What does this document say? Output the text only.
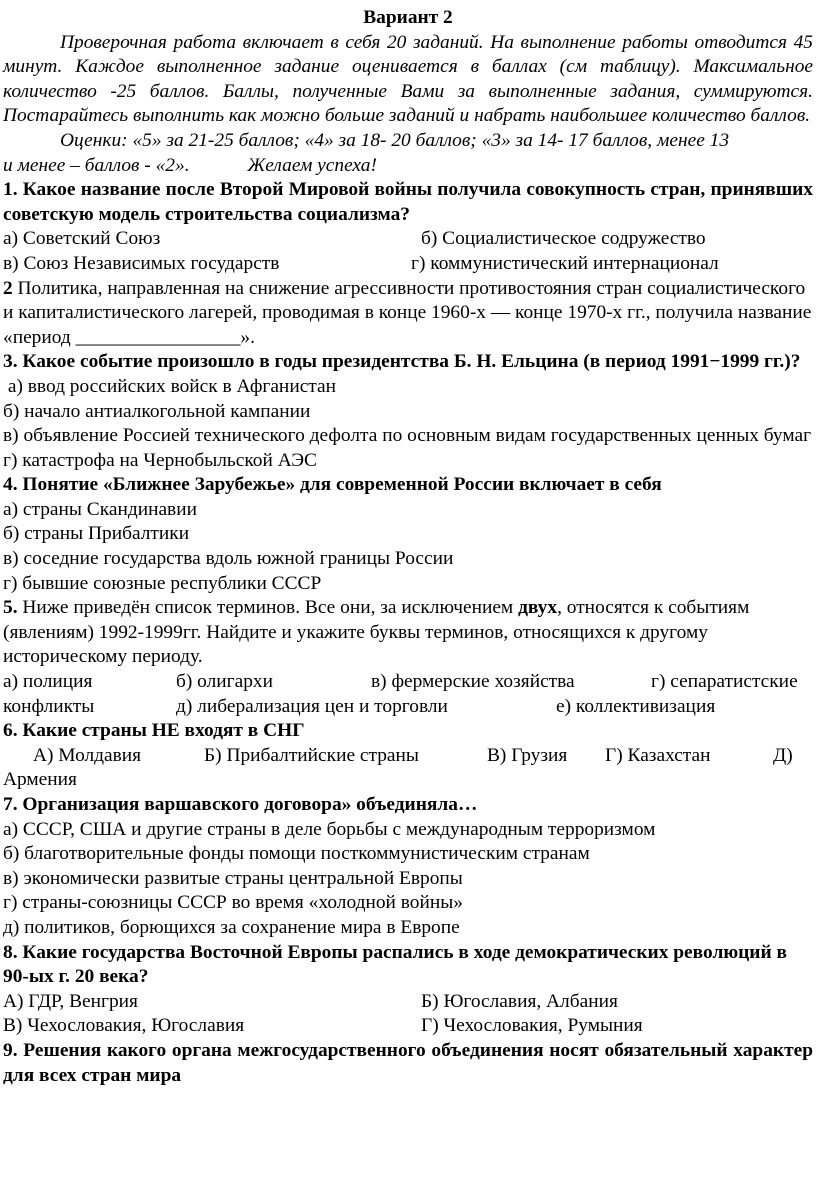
Вариант 2

Проверочная работа включает в себя 20 заданий. На выполнение работы отводится 45 минут. Каждое выполненное задание оценивается в баллах (см таблицу). Максимальное количество -25 баллов. Баллы, полученные Вами за выполненные задания, суммируются. Постарайтесь выполнить как можно больше заданий и набрать наибольшее количество баллов.

Оценки: «5» за 21-25 баллов; «4» за 18- 20 баллов; «3» за 14- 17 баллов, менее 13

и менее – баллов - «2».	Желаем успеха!

1. Какое название после Второй Мировой войны получила совокупность стран, принявших советскую модель строительства социализма?

а) Советский Союз	б) Социалистическое содружество
в) Союз Независимых государств	г) коммунистический интернационал

2 Политика, направленная на снижение агрессивности противостояния стран социалистического и капиталистического лагерей, проводимая в конце 1960-х — конце 1970-х гг., получила название «период _________________».

3. Какое событие произошло в годы президентства Б. Н. Ельцина (в период 1991−1999 гг.)?

а) ввод российских войск в Афганистан

б) начало антиалкогольной кампании

в) объявление Россией технического дефолта по основным видам государственных ценных бумаг

г) катастрофа на Чернобыльской АЭС

4. Понятие «Ближнее Зарубежье» для современной России включает в себя

а) страны Скандинавии

б) страны Прибалтики

в) соседние государства вдоль южной границы России

г) бывшие союзные республики СССР

5. Ниже приведён список терминов. Все они, за исключением двух, относятся к событиям (явлениям) 1992-1999гг. Найдите и укажите буквы терминов, относящихся к другому историческому периоду.

а) полиция	б) олигархи	в) фермерские хозяйства	г) сепаратистские
конфликты	д) либерализация цен и торговли	е) коллективизация

6. Какие страны НЕ входят в СНГ

А) Молдавия	Б) Прибалтийские страны	В) Грузия	Г) Казахстан	Д)

Армения

7. Организация варшавского договора» объединяла…

а) СССР, США и другие страны в деле борьбы с международным терроризмом

б) благотворительные фонды помощи посткоммунистическим странам

в) экономически развитые страны центральной Европы

г) страны-союзницы СССР во время «холодной войны»

д) политиков, борющихся за сохранение мира в Европе

8. Какие государства Восточной Европы распались в ходе демократических революций в 90-ых г. 20 века?

А) ГДР, Венгрия	Б) Югославия, Албания
В) Чехословакия, Югославия	Г) Чехословакия, Румыния

9. Решения какого органа межгосударственного объединения носят обязательный характер для всех стран мира
